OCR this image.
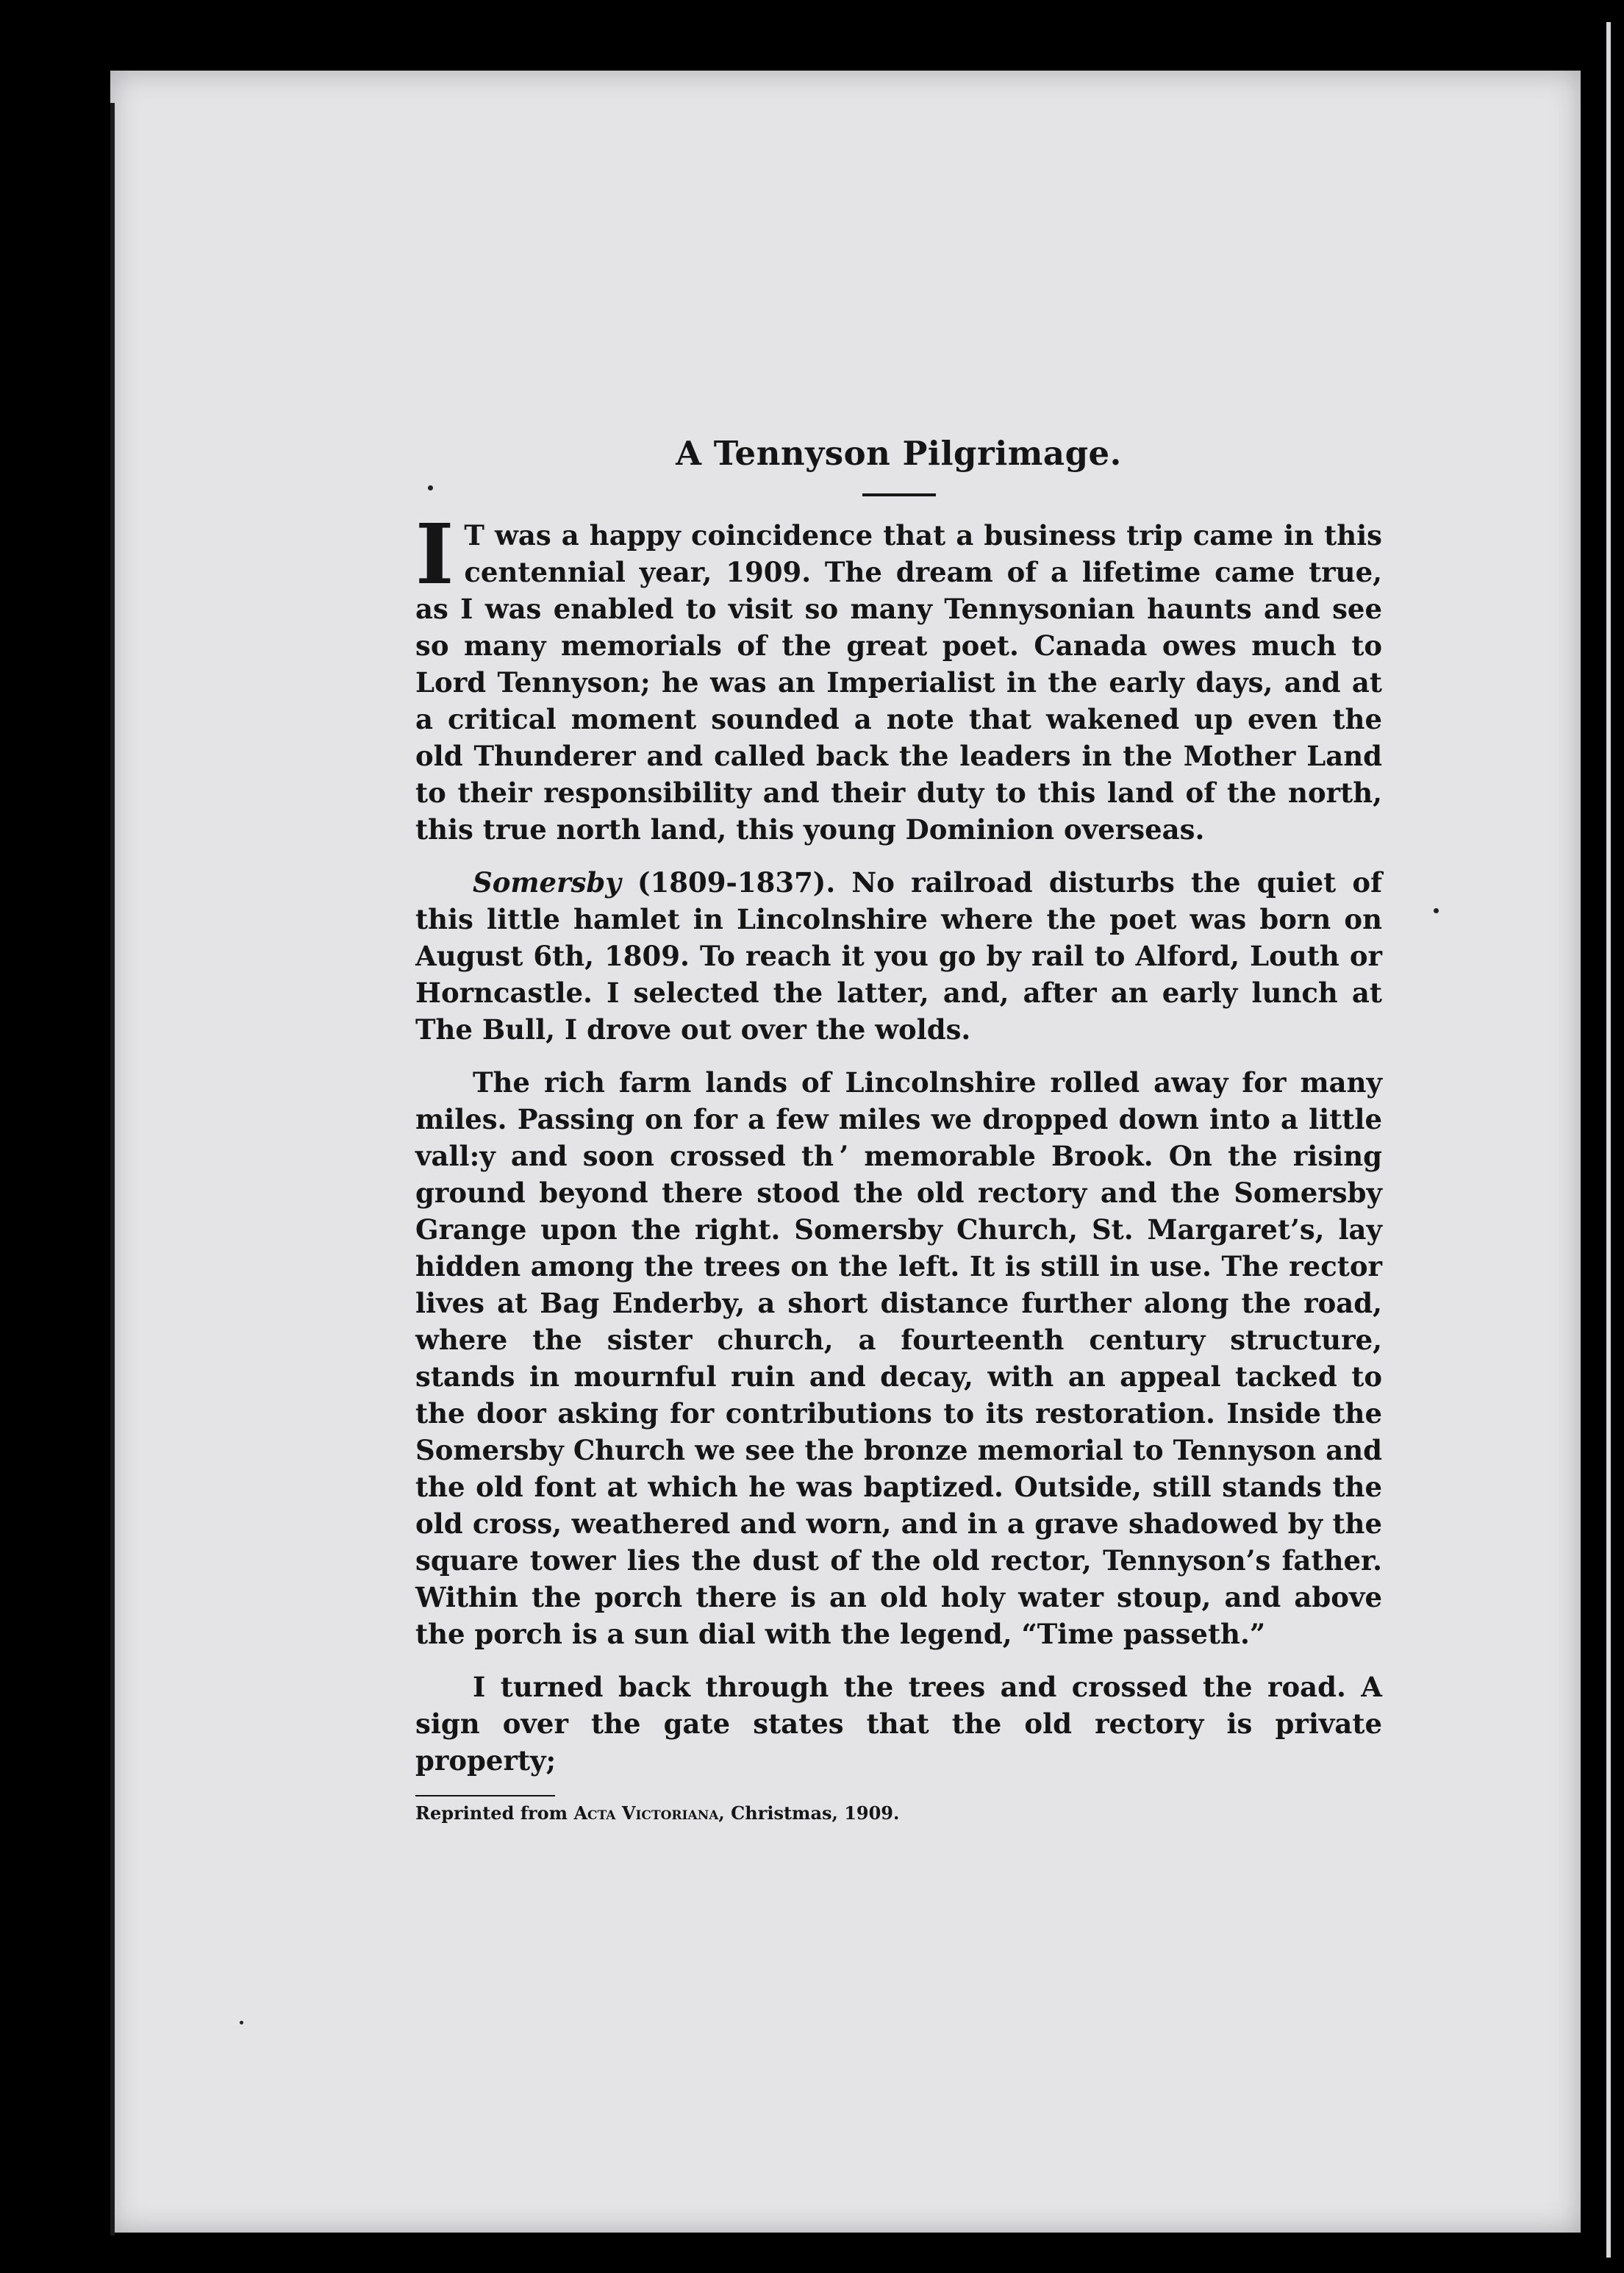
A Tennyson Pilgrimage.

I T was a happy coincidence that a business trip came in this centennial year, 1909. The dream of a lifetime came true, as I was enabled to visit so many Tennysonian haunts and see so many memorials of the great poet. Canada owes much to Lord Tennyson; he was an Imperialist in the early days, and at a critical moment sounded a note that wakened up even the old Thunderer and called back the leaders in the Mother Land to their responsibility and their duty to this land of the north, this true north land, this young Dominion overseas.

Somersby (1809-1837). No railroad disturbs the quiet of this little hamlet in Lincolnshire where the poet was born on August 6th, 1809. To reach it you go by rail to Alford, Louth or Horncastle. I selected the latter, and, after an early lunch at The Bull, I drove out over the wolds.

The rich farm lands of Lincolnshire rolled away for many miles. Passing on for a few miles we dropped down into a little vall:y and soon crossed th ’ memorable Brook. On the rising ground beyond there stood the old rectory and the Somersby Grange upon the right. Somersby Church, St. Margaret’s, lay hidden among the trees on the left. It is still in use. The rector lives at Bag Enderby, a short distance further along the road, where the sister church, a fourteenth century structure, stands in mournful ruin and decay, with an appeal tacked to the door asking for contributions to its restoration. Inside the Somersby Church we see the bronze memorial to Tennyson and the old font at which he was baptized. Outside, still stands the old cross, weathered and worn, and in a grave shadowed by the square tower lies the dust of the old rector, Tennyson’s father. Within the porch there is an old holy water stoup, and above the porch is a sun dial with the legend, “Time passeth.”

I turned back through the trees and crossed the road. A sign over the gate states that the old rectory is private property;

Reprinted from Acta Victoriana, Christmas, 1909.
